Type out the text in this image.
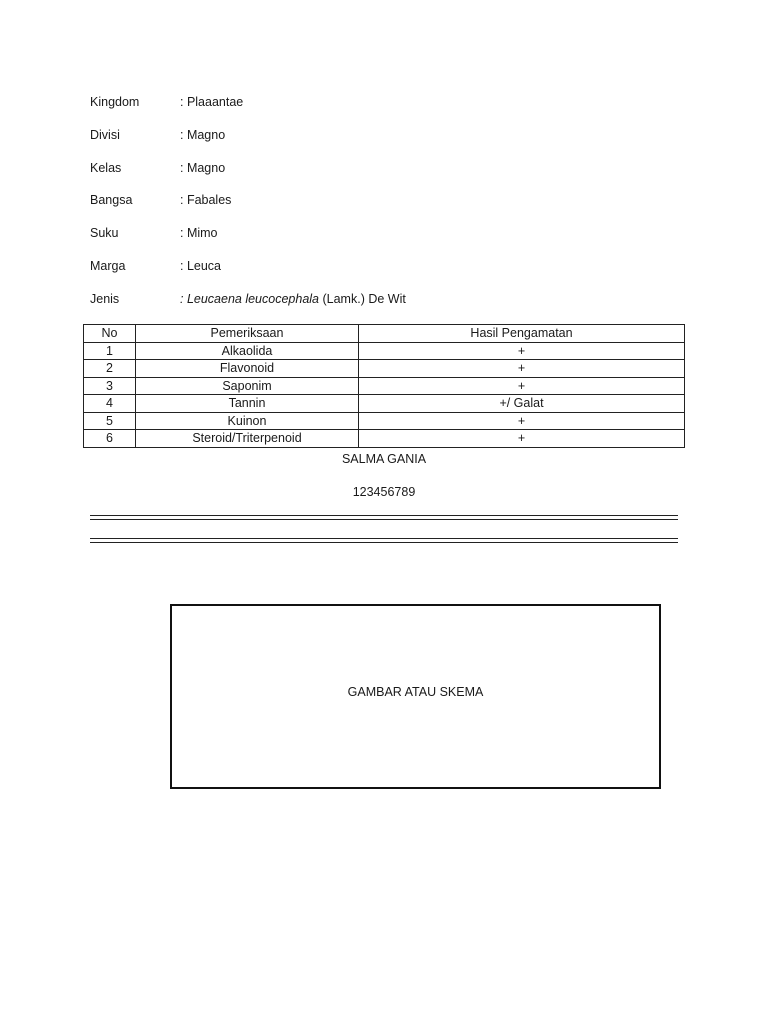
Kingdom	: Plaaantae
Divisi	: Magno
Kelas	: Magno
Bangsa	: Fabales
Suku	: Mimo
Marga	: Leuca
Jenis	: Leucaena leucocephala (Lamk.) De Wit
No	Pemeriksaan	Hasil Pengamatan
1	Alkaolida	+
2	Flavonoid	+
3	Saponim	+
4	Tannin	+/ Galat
5	Kuinon	+
6	Steroid/Triterpenoid	+
SALMA GANIA
123456789
GAMBAR ATAU SKEMA
